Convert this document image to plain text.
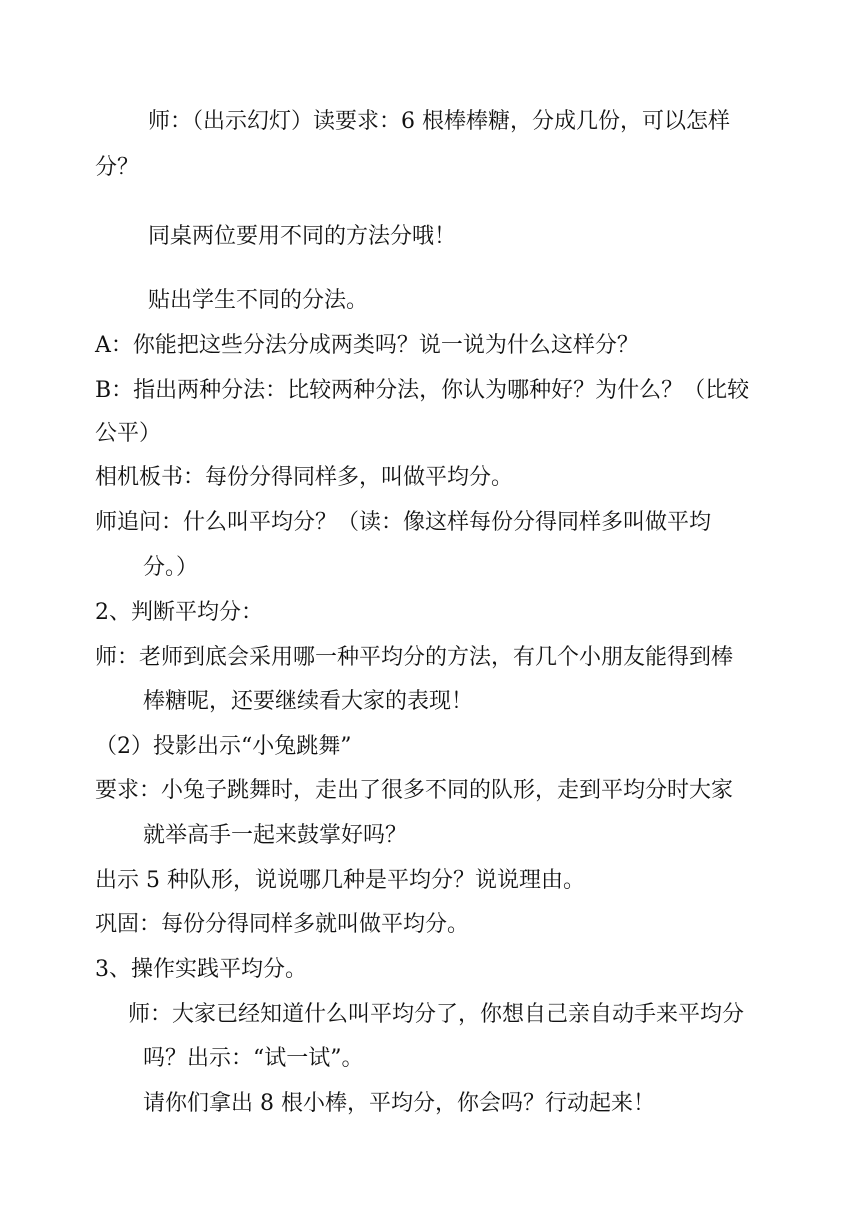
师：（出示幻灯）读要求：6 根棒棒糖，分成几份，可以怎样
分？
同桌两位要用不同的方法分哦！
贴出学生不同的分法。
A：你能把这些分法分成两类吗？说一说为什么这样分？
B：指出两种分法：比较两种分法，你认为哪种好？为什么？（比较
公平）
相机板书：每份分得同样多，叫做平均分。
师追问：什么叫平均分？（读：像这样每份分得同样多叫做平均
分。）
2、判断平均分：
师：老师到底会采用哪一种平均分的方法，有几个小朋友能得到棒
棒糖呢，还要继续看大家的表现！
（2）投影出示“小兔跳舞”
要求：小兔子跳舞时，走出了很多不同的队形，走到平均分时大家
就举高手一起来鼓掌好吗？
出示 5 种队形，说说哪几种是平均分？说说理由。
巩固：每份分得同样多就叫做平均分。
3、操作实践平均分。
师：大家已经知道什么叫平均分了，你想自己亲自动手来平均分
吗？出示：“试一试”。
请你们拿出 8 根小棒，平均分，你会吗？行动起来！
